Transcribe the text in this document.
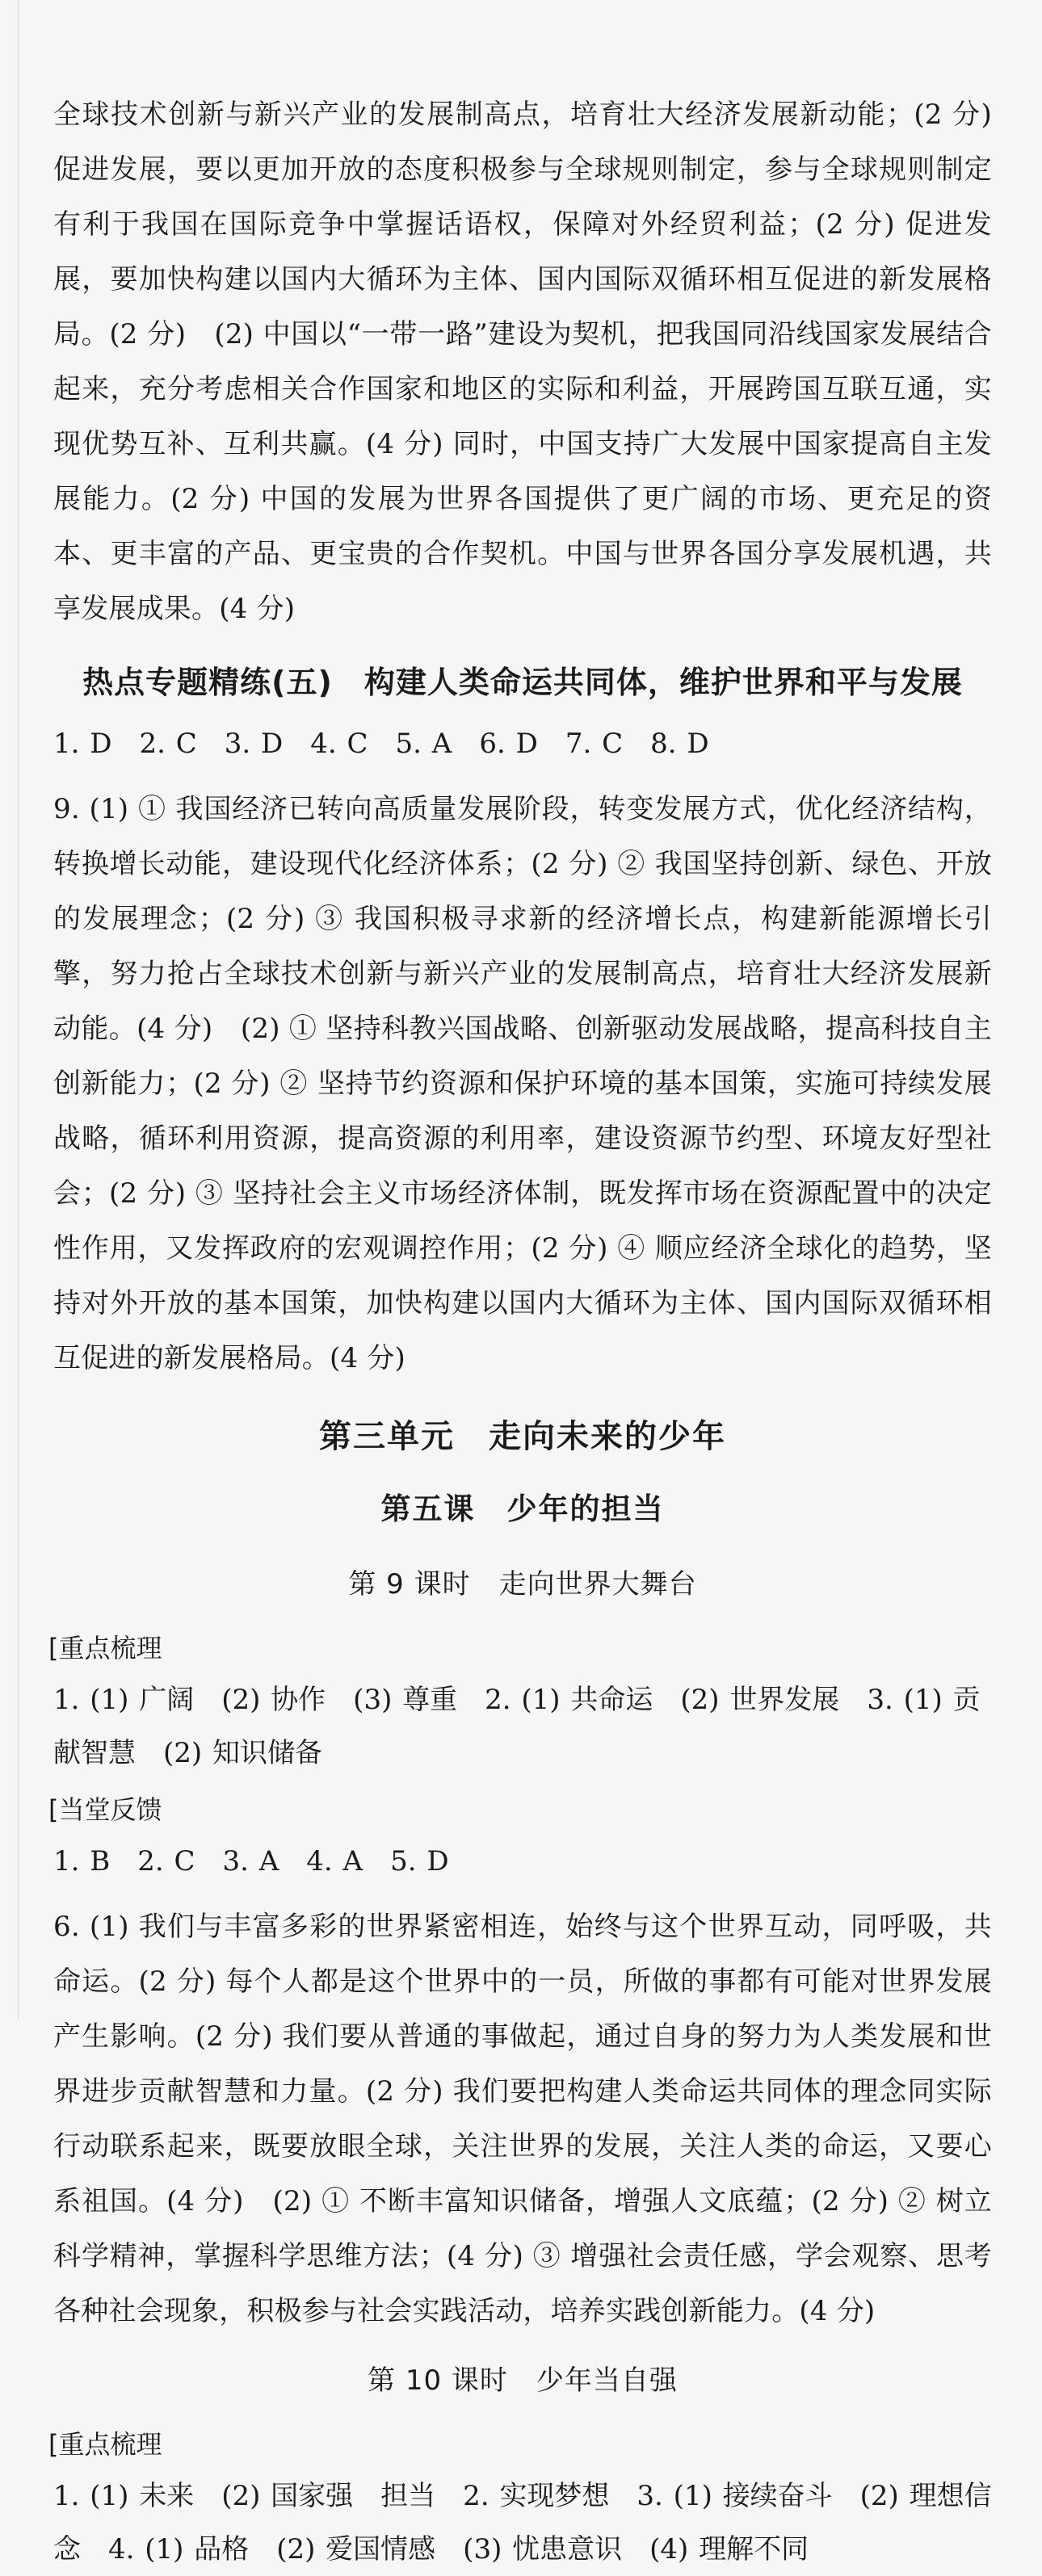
全球技术创新与新兴产业的发展制高点，培育壮大经济发展新动能；(2 分) 促进发展，要以更加开放的态度积极参与全球规则制定，参与全球规则制定有利于我国在国际竞争中掌握话语权，保障对外经贸利益；(2 分) 促进发展，要加快构建以国内大循环为主体、国内国际双循环相互促进的新发展格局。(2 分)　(2) 中国以“一带一路”建设为契机，把我国同沿线国家发展结合起来，充分考虑相关合作国家和地区的实际和利益，开展跨国互联互通，实现优势互补、互利共赢。(4 分) 同时，中国支持广大发展中国家提高自主发展能力。(2 分) 中国的发展为世界各国提供了更广阔的市场、更充足的资本、更丰富的产品、更宝贵的合作契机。中国与世界各国分享发展机遇，共享发展成果。(4 分)

热点专题精练(五)　构建人类命运共同体，维护世界和平与发展

1. D　2. C　3. D　4. C　5. A　6. D　7. C　8. D

9. (1) ① 我国经济已转向高质量发展阶段，转变发展方式，优化经济结构，转换增长动能，建设现代化经济体系；(2 分) ② 我国坚持创新、绿色、开放的发展理念；(2 分) ③ 我国积极寻求新的经济增长点，构建新能源增长引擎，努力抢占全球技术创新与新兴产业的发展制高点，培育壮大经济发展新动能。(4 分)　(2) ① 坚持科教兴国战略、创新驱动发展战略，提高科技自主创新能力；(2 分) ② 坚持节约资源和保护环境的基本国策，实施可持续发展战略，循环利用资源，提高资源的利用率，建设资源节约型、环境友好型社会；(2 分) ③ 坚持社会主义市场经济体制，既发挥市场在资源配置中的决定性作用，又发挥政府的宏观调控作用；(2 分) ④ 顺应经济全球化的趋势，坚持对外开放的基本国策，加快构建以国内大循环为主体、国内国际双循环相互促进的新发展格局。(4 分)

第三单元　走向未来的少年
第五课　少年的担当
第 9 课时　走向世界大舞台
[重点梳理

1. (1) 广阔　(2) 协作　(3) 尊重　2. (1) 共命运　(2) 世界发展　3. (1) 贡献智慧　(2) 知识储备

[当堂反馈

1. B　2. C　3. A　4. A　5. D

6. (1) 我们与丰富多彩的世界紧密相连，始终与这个世界互动，同呼吸，共命运。(2 分) 每个人都是这个世界中的一员，所做的事都有可能对世界发展产生影响。(2 分) 我们要从普通的事做起，通过自身的努力为人类发展和世界进步贡献智慧和力量。(2 分) 我们要把构建人类命运共同体的理念同实际行动联系起来，既要放眼全球，关注世界的发展，关注人类的命运，又要心系祖国。(4 分)　(2) ① 不断丰富知识储备，增强人文底蕴；(2 分) ② 树立科学精神，掌握科学思维方法；(4 分) ③ 增强社会责任感，学会观察、思考各种社会现象，积极参与社会实践活动，培养实践创新能力。(4 分)

第 10 课时　少年当自强
[重点梳理

1. (1) 未来　(2) 国家强　担当　2. 实现梦想　3. (1) 接续奋斗　(2) 理想信念　4. (1) 品格　(2) 爱国情感　(3) 忧患意识　(4) 理解不同
